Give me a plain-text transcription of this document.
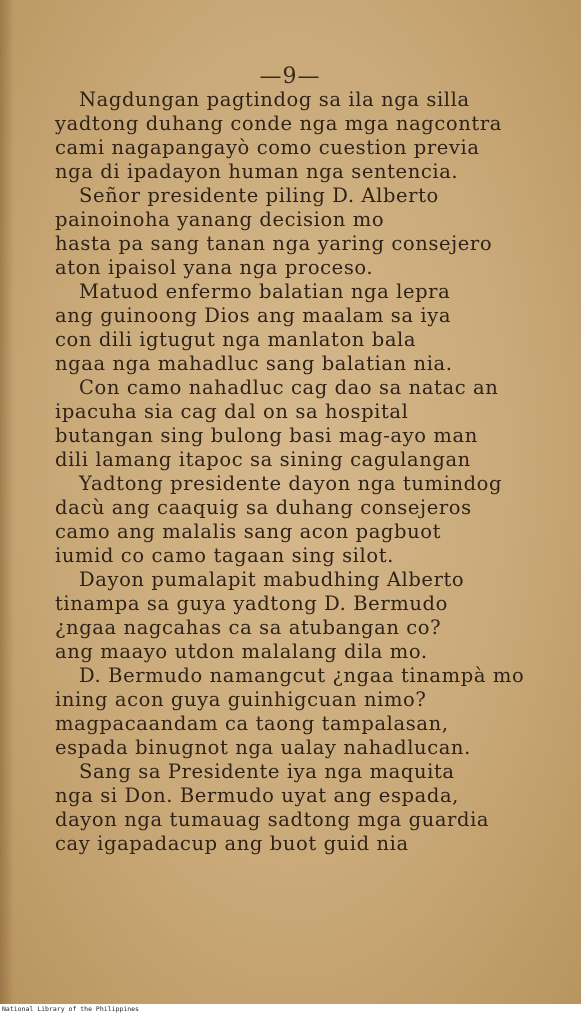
—9—
Nagdungan pagtindog sa ila nga silla
yadtong duhang conde nga mga nagcontra
cami nagapangayò como cuestion previa
nga di ipadayon human nga sentencia.
Señor presidente piling D. Alberto
painoinoha yanang decision mo
hasta pa sang tanan nga yaring consejero
aton ipaisol yana nga proceso.
Matuod enfermo balatian nga lepra
ang guinoong Dios ang maalam sa iya
con dili igtugut nga manlaton bala
ngaa nga mahadluc sang balatian nia.
Con camo nahadluc cag dao sa natac an
ipacuha sia cag dal on sa hospital
butangan sing bulong basi mag-ayo man
dili lamang itapoc sa sining cagulangan
Yadtong presidente dayon nga tumindog
dacù ang caaquig sa duhang consejeros
camo ang malalis sang acon pagbuot
iumid co camo tagaan sing silot.
Dayon pumalapit mabudhing Alberto
tinampa sa guya yadtong D. Bermudo
¿ngaa nagcahas ca sa atubangan co?
ang maayo utdon malalang dila mo.
D. Bermudo namangcut ¿ngaa tinampà mo
ining acon guya guinhigcuan nimo?
magpacaandam ca taong tampalasan,
espada binugnot nga ualay nahadlucan.
Sang sa Presidente iya nga maquita
nga si Don. Bermudo uyat ang espada,
dayon nga tumauag sadtong mga guardia
cay igapadacup ang buot guid nia
National Library of the Philippines
